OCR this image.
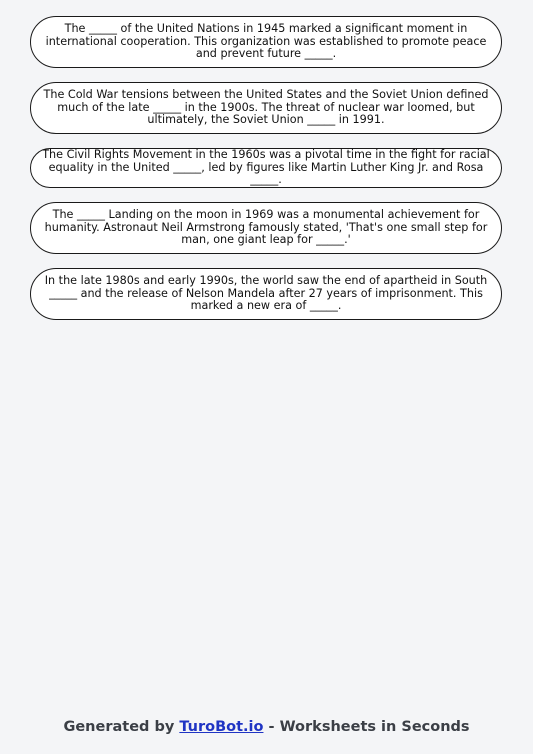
The _____ of the United Nations in 1945 marked a significant moment in international cooperation. This organization was established to promote peace and prevent future _____.
The Cold War tensions between the United States and the Soviet Union defined much of the late _____ in the 1900s. The threat of nuclear war loomed, but ultimately, the Soviet Union _____ in 1991.
The Civil Rights Movement in the 1960s was a pivotal time in the fight for racial equality in the United _____, led by figures like Martin Luther King Jr. and Rosa _____.
The _____ Landing on the moon in 1969 was a monumental achievement for humanity. Astronaut Neil Armstrong famously stated, 'That's one small step for man, one giant leap for _____.'
In the late 1980s and early 1990s, the world saw the end of apartheid in South _____ and the release of Nelson Mandela after 27 years of imprisonment. This marked a new era of _____.
Generated by TuroBot.io - Worksheets in Seconds
